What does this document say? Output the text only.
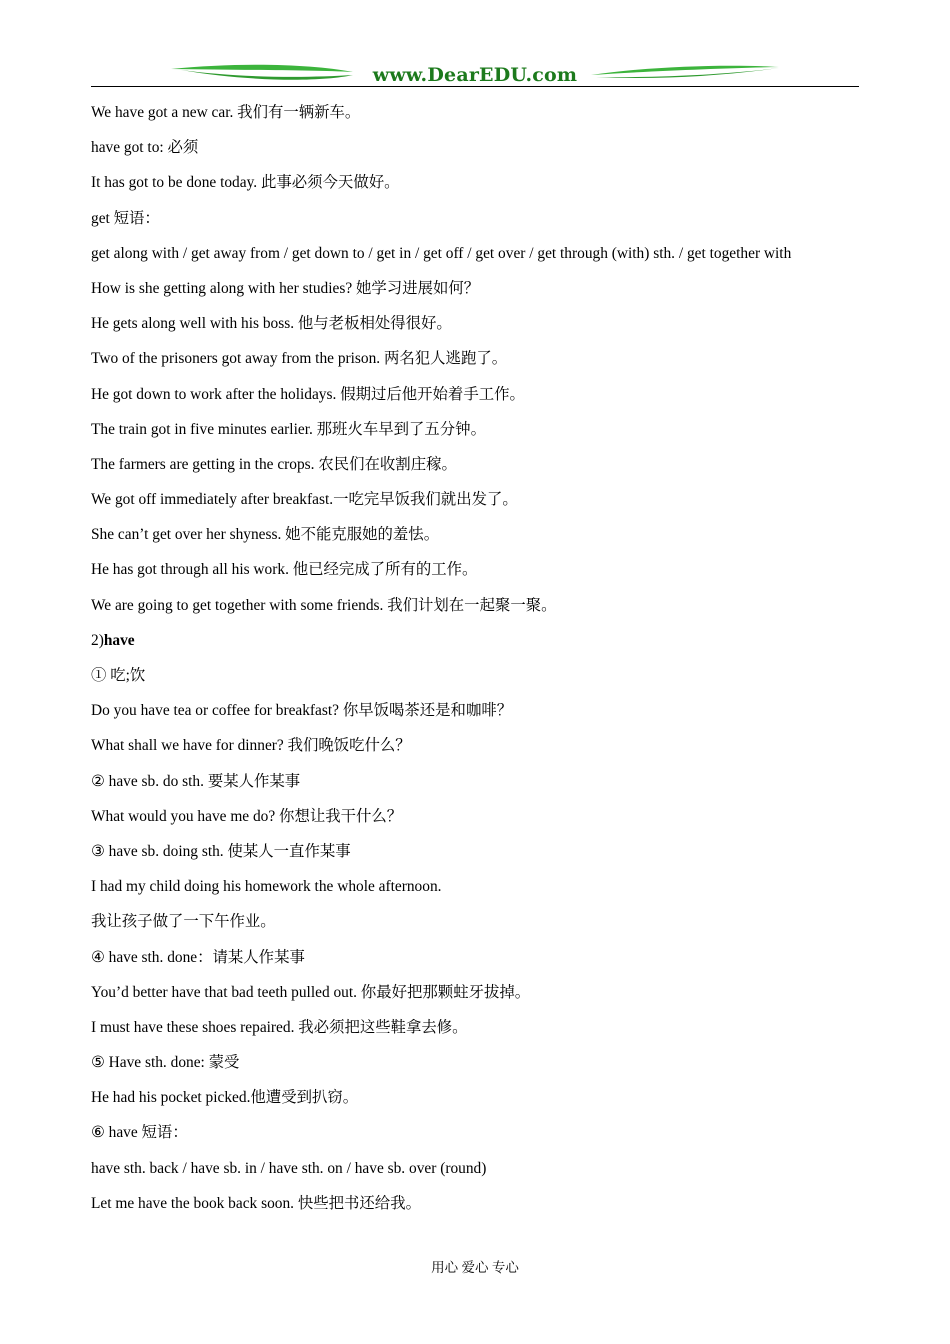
www.DearEDU.com
We have got a new car. 我们有一辆新车。
have got to: 必须
It has got to be done today. 此事必须今天做好。
get 短语：
get along with / get away from / get down to / get in / get off / get over / get through (with) sth. / get together with
How is she getting along with her studies? 她学习进展如何？
He gets along well with his boss. 他与老板相处得很好。
Two of the prisoners got away from the prison. 两名犯人逃跑了。
He got down to work after the holidays. 假期过后他开始着手工作。
The train got in five minutes earlier. 那班火车早到了五分钟。
The farmers are getting in the crops. 农民们在收割庄稼。
We got off immediately after breakfast.一吃完早饭我们就出发了。
She can’t get over her shyness. 她不能克服她的羞怯。
He has got through all his work. 他已经完成了所有的工作。
We are going to get together with some friends. 我们计划在一起聚一聚。
2)have
① 吃;饮
Do you have tea or coffee for breakfast? 你早饭喝茶还是和咖啡？
What shall we have for dinner? 我们晚饭吃什么？
② have sb. do sth. 要某人作某事
What would you have me do? 你想让我干什么？
③ have sb. doing sth. 使某人一直作某事
I had my child doing his homework the whole afternoon.
我让孩子做了一下午作业。
④ have sth. done：请某人作某事
You’d better have that bad teeth pulled out. 你最好把那颗蛀牙拔掉。
I must have these shoes repaired. 我必须把这些鞋拿去修。
⑤ Have sth. done: 蒙受
He had his pocket picked.他遭受到扒窃。
⑥ have 短语：
have sth. back / have sb. in / have sth. on / have sb. over (round)
Let me have the book back soon. 快些把书还给我。
用心 爱心 专心
